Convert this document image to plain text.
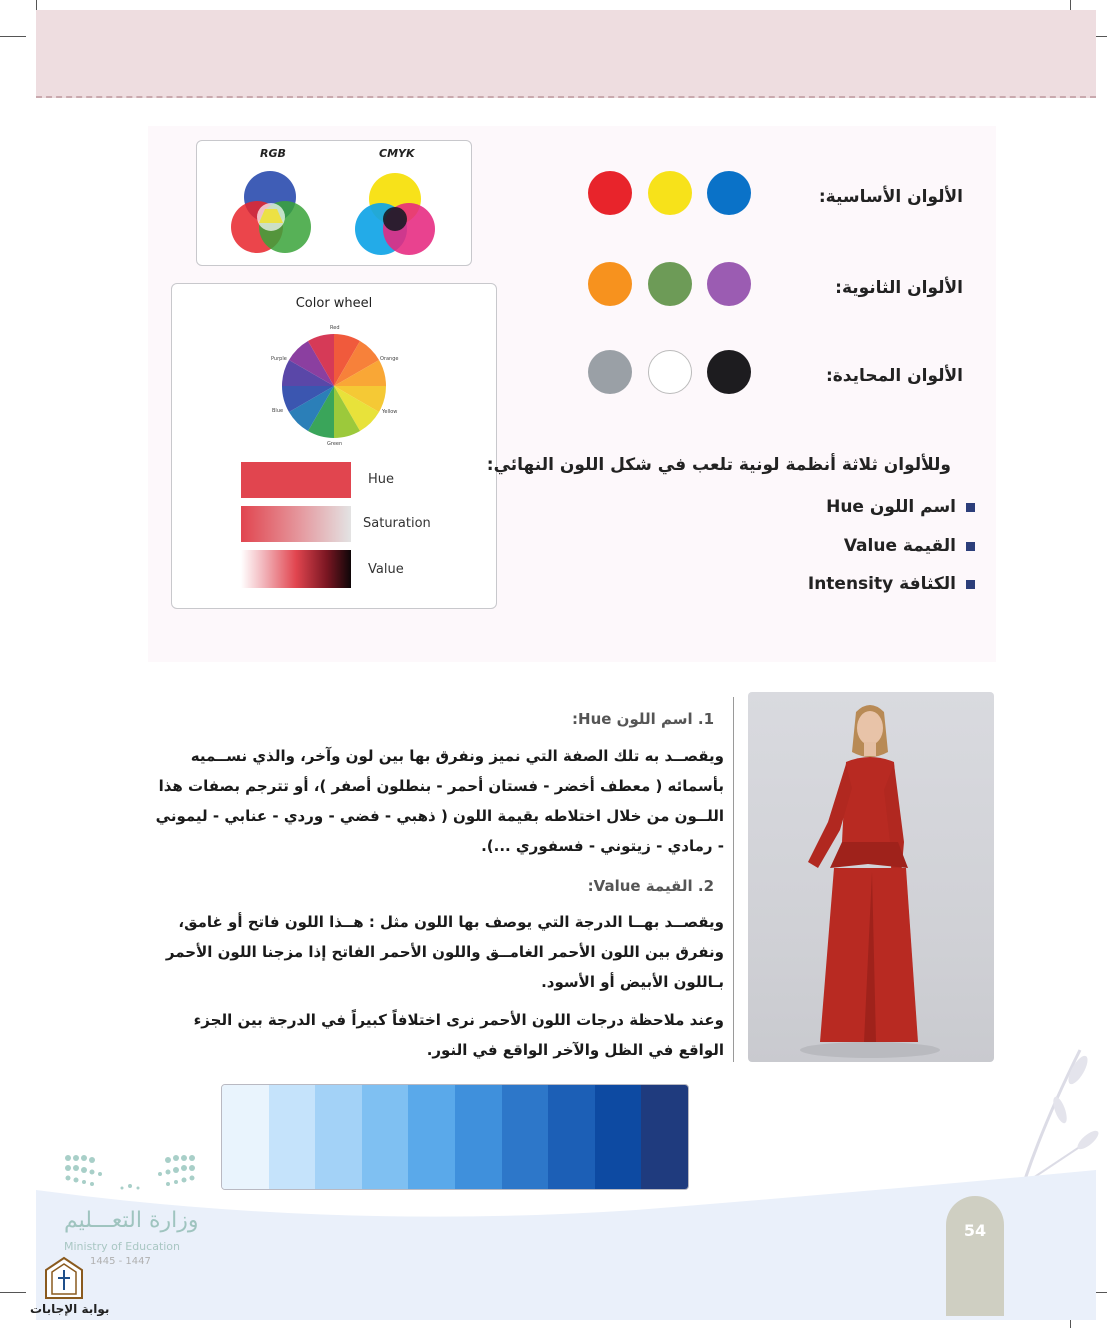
RGB	CMYK
Color wheel
Red
Orange
Yellow
Green
Blue
Purple
Hue
Saturation
Value
الألوان الأساسية:
الألوان الثانوية:
الألوان المحايدة:
وللألوان ثلاثة أنظمة لونية تلعب في شكل اللون النهائي:
اسم اللون Hue
القيمة Value
الكثافة Intensity
1. اسم اللون Hue:
ويقصــد به تلك الصفة التي نميز ونفرق بها بين لون وآخر، والذي نســميه
بأسمائه ( معطف أخضر - فستان أحمر - بنطلون أصفر )، أو تترجم بصفات هذا
اللــون من خلال اختلاطه بقيمة اللون ( ذهبي - فضي - وردي - عنابي - ليموني
- رمادي - زيتوني - فسفوري ...).
2. القيمة Value:
ويقصــد بهــا الدرجة التي يوصف بها اللون مثل : هــذا اللون فاتح أو غامق،
ونفرق بين اللون الأحمر الغامــق واللون الأحمر الفاتح إذا مزجنا اللون الأحمر
بـاللون الأبيض أو الأسود.
وعند ملاحظة درجات اللون الأحمر نرى اختلافاً كبيراً في الدرجة بين الجزء
الواقع في الظل والآخر الواقع في النور.
54
وزارة التعـــليم
Ministry of Education
1445 - 1447
بوابة الإجابات
